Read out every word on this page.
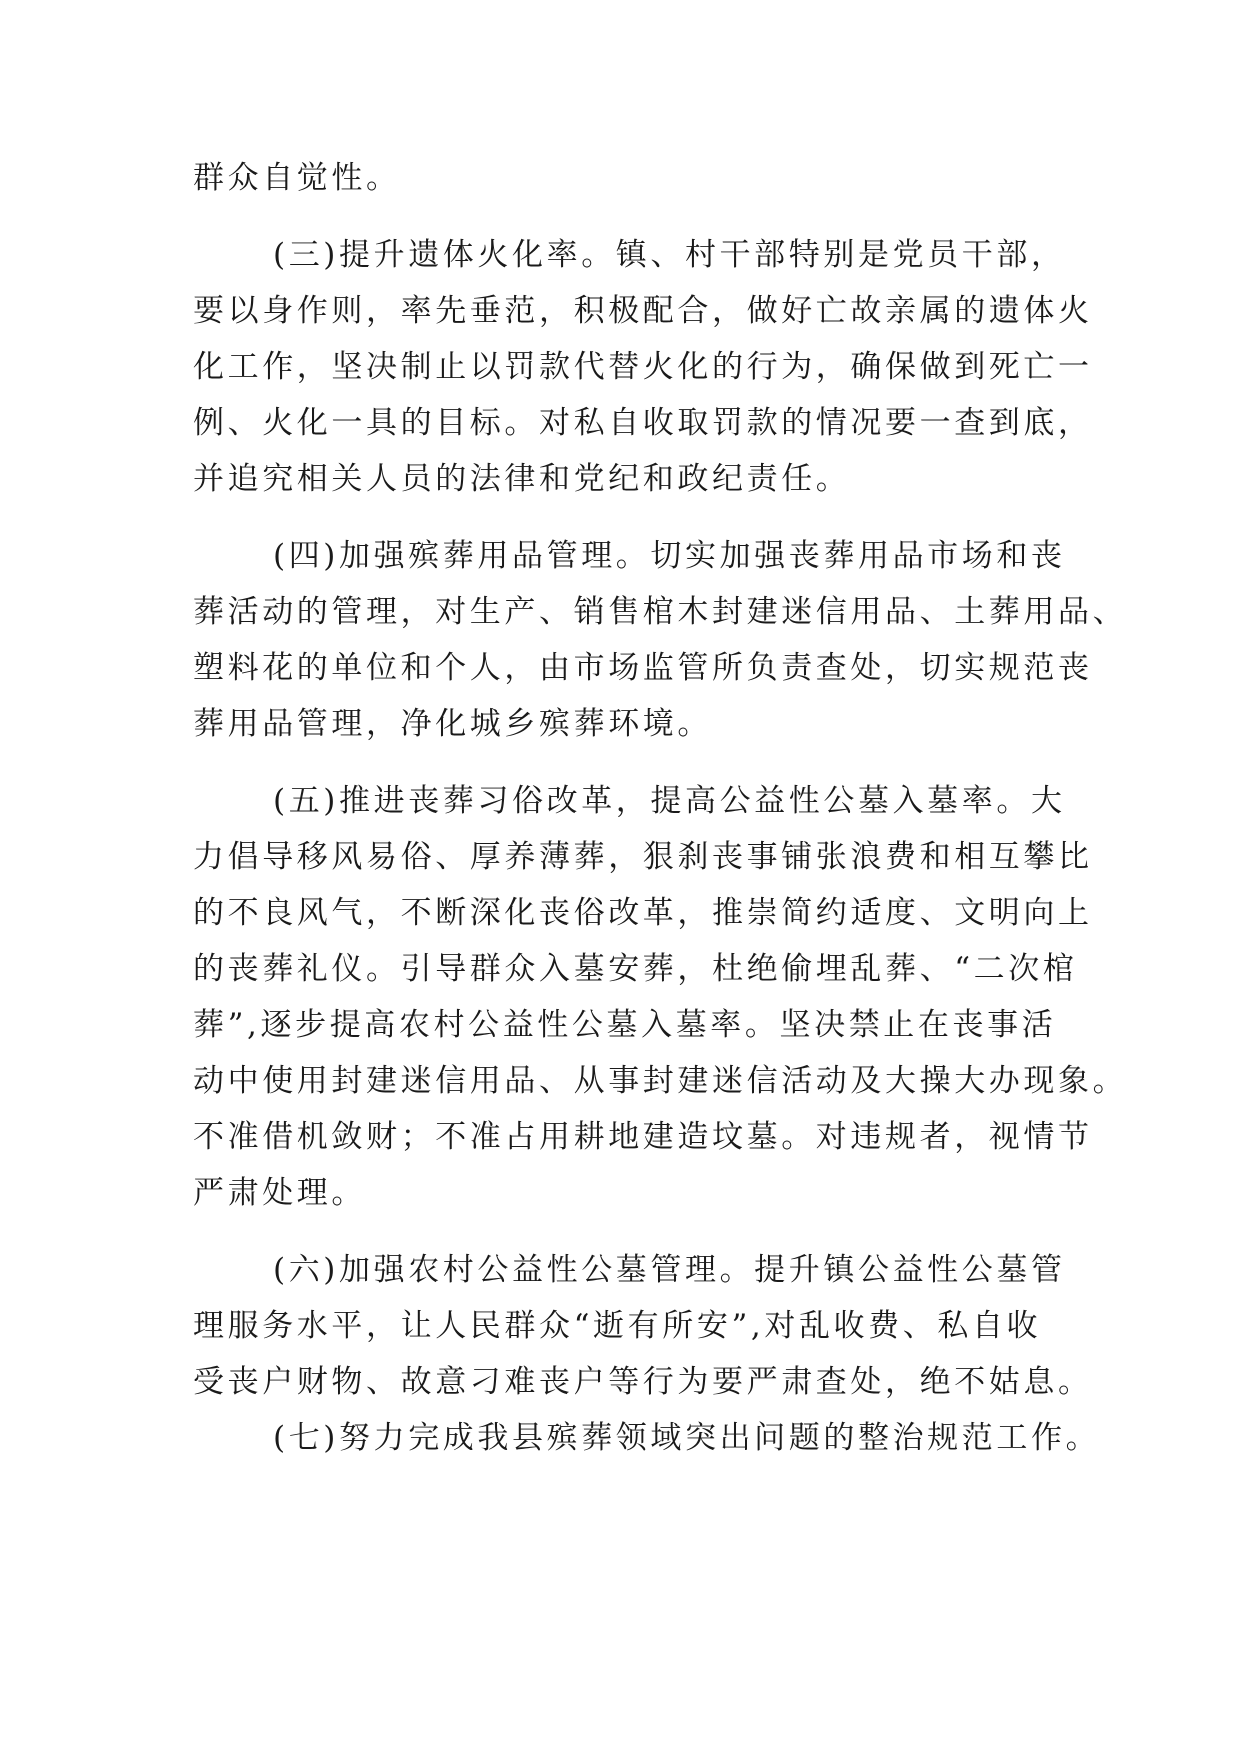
群众自觉性。
(三)提升遗体火化率。镇、村干部特别是党员干部，
要以身作则，率先垂范，积极配合，做好亡故亲属的遗体火
化工作，坚决制止以罚款代替火化的行为，确保做到死亡一
例、火化一具的目标。对私自收取罚款的情况要一查到底，
并追究相关人员的法律和党纪和政纪责任。
(四)加强殡葬用品管理。切实加强丧葬用品市场和丧
葬活动的管理，对生产、销售棺木封建迷信用品、土葬用品、
塑料花的单位和个人，由市场监管所负责查处，切实规范丧
葬用品管理，净化城乡殡葬环境。
(五)推进丧葬习俗改革，提高公益性公墓入墓率。大
力倡导移风易俗、厚养薄葬，狠刹丧事铺张浪费和相互攀比
的不良风气，不断深化丧俗改革，推崇简约适度、文明向上
的丧葬礼仪。引导群众入墓安葬，杜绝偷埋乱葬、“二次棺
葬”,逐步提高农村公益性公墓入墓率。坚决禁止在丧事活
动中使用封建迷信用品、从事封建迷信活动及大操大办现象。
不准借机敛财；不准占用耕地建造坟墓。对违规者，视情节
严肃处理。
(六)加强农村公益性公墓管理。提升镇公益性公墓管
理服务水平，让人民群众“逝有所安”,对乱收费、私自收
受丧户财物、故意刁难丧户等行为要严肃查处，绝不姑息。
(七)努力完成我县殡葬领域突出问题的整治规范工作。
